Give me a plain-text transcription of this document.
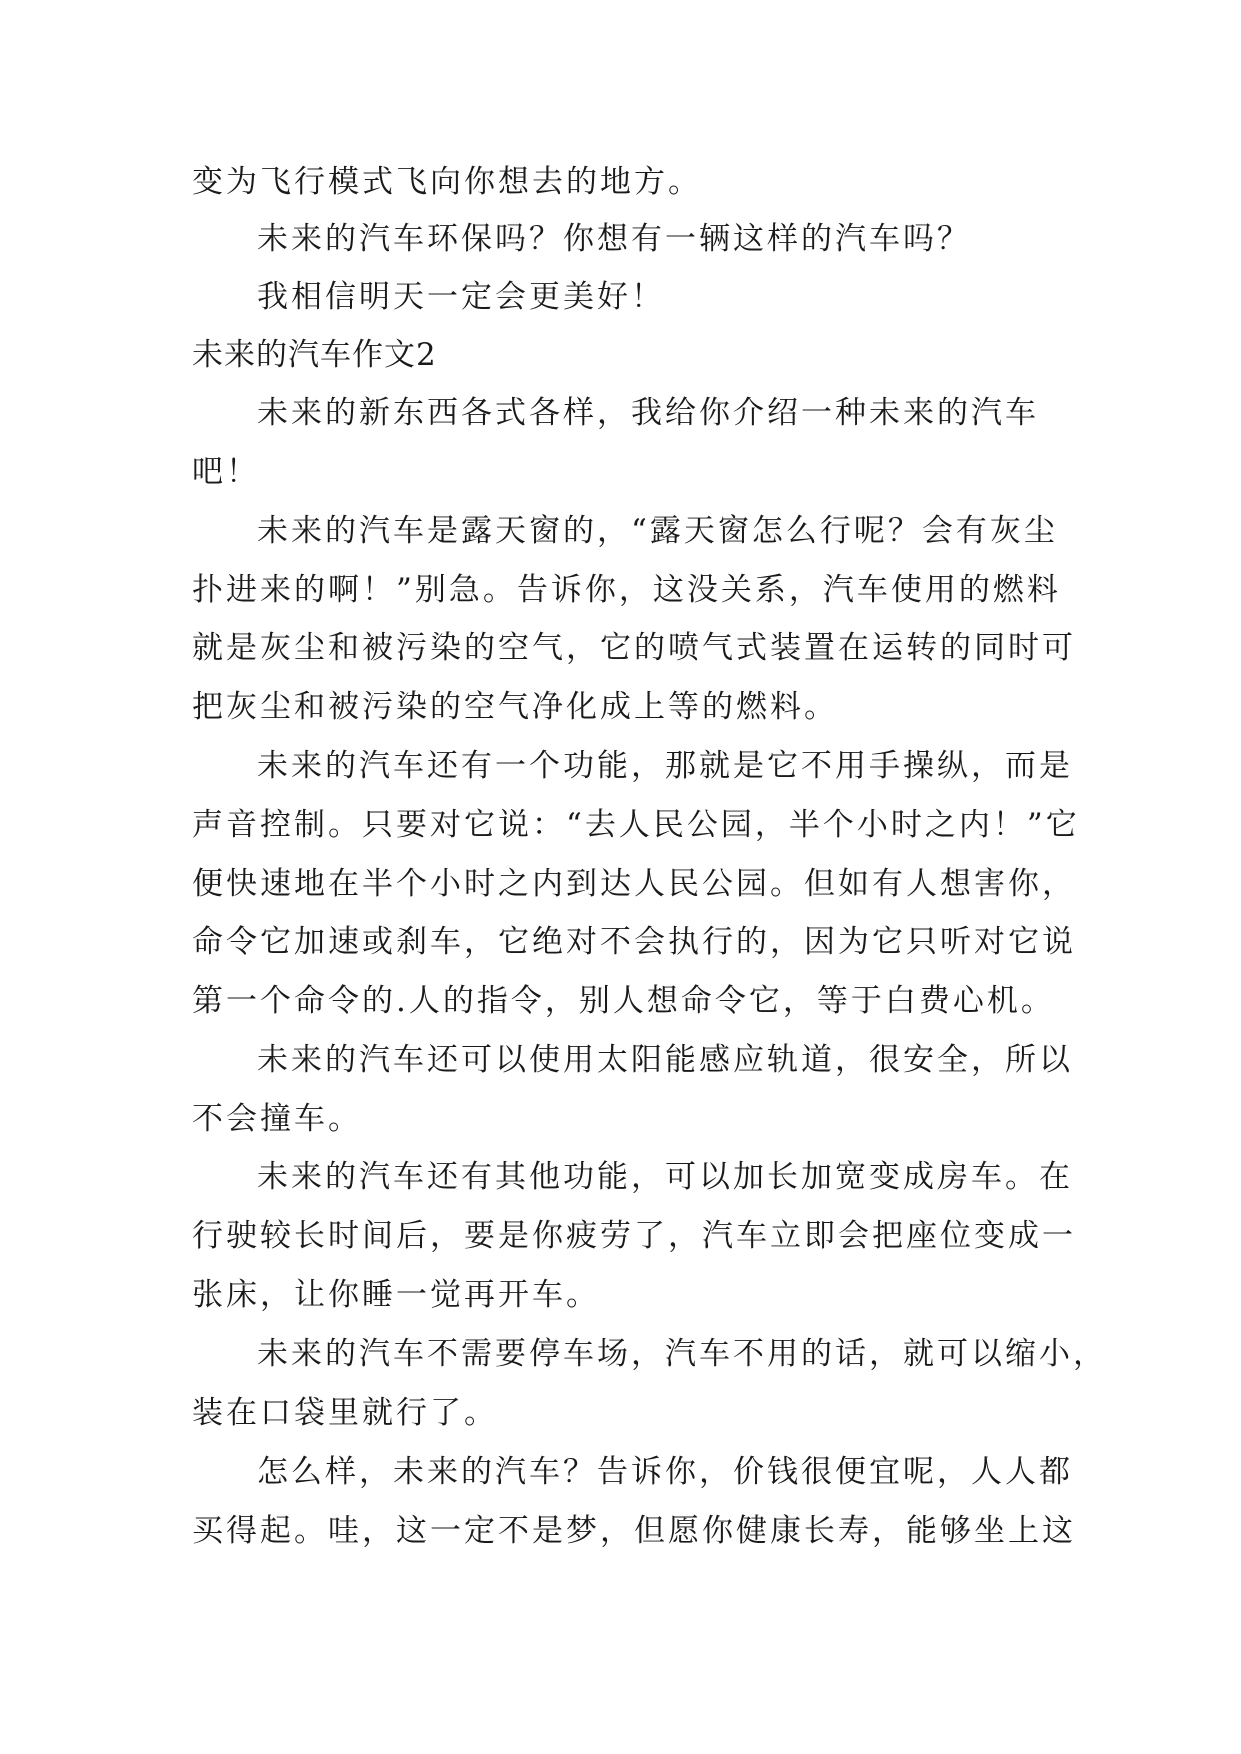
变为飞行模式飞向你想去的地方。
未来的汽车环保吗？你想有一辆这样的汽车吗？
我相信明天一定会更美好！
未来的汽车作文2
未来的新东西各式各样，我给你介绍一种未来的汽车
吧！
未来的汽车是露天窗的，“露天窗怎么行呢？会有灰尘
扑进来的啊！”别急。告诉你，这没关系，汽车使用的燃料
就是灰尘和被污染的空气，它的喷气式装置在运转的同时可
把灰尘和被污染的空气净化成上等的燃料。
未来的汽车还有一个功能，那就是它不用手操纵，而是
声音控制。只要对它说：“去人民公园，半个小时之内！”它
便快速地在半个小时之内到达人民公园。但如有人想害你，
命令它加速或刹车，它绝对不会执行的，因为它只听对它说
第一个命令的.人的指令，别人想命令它，等于白费心机。
未来的汽车还可以使用太阳能感应轨道，很安全，所以
不会撞车。
未来的汽车还有其他功能，可以加长加宽变成房车。在
行驶较长时间后，要是你疲劳了，汽车立即会把座位变成一
张床，让你睡一觉再开车。
未来的汽车不需要停车场，汽车不用的话，就可以缩小，
装在口袋里就行了。
怎么样，未来的汽车？告诉你，价钱很便宜呢，人人都
买得起。哇，这一定不是梦，但愿你健康长寿，能够坐上这
